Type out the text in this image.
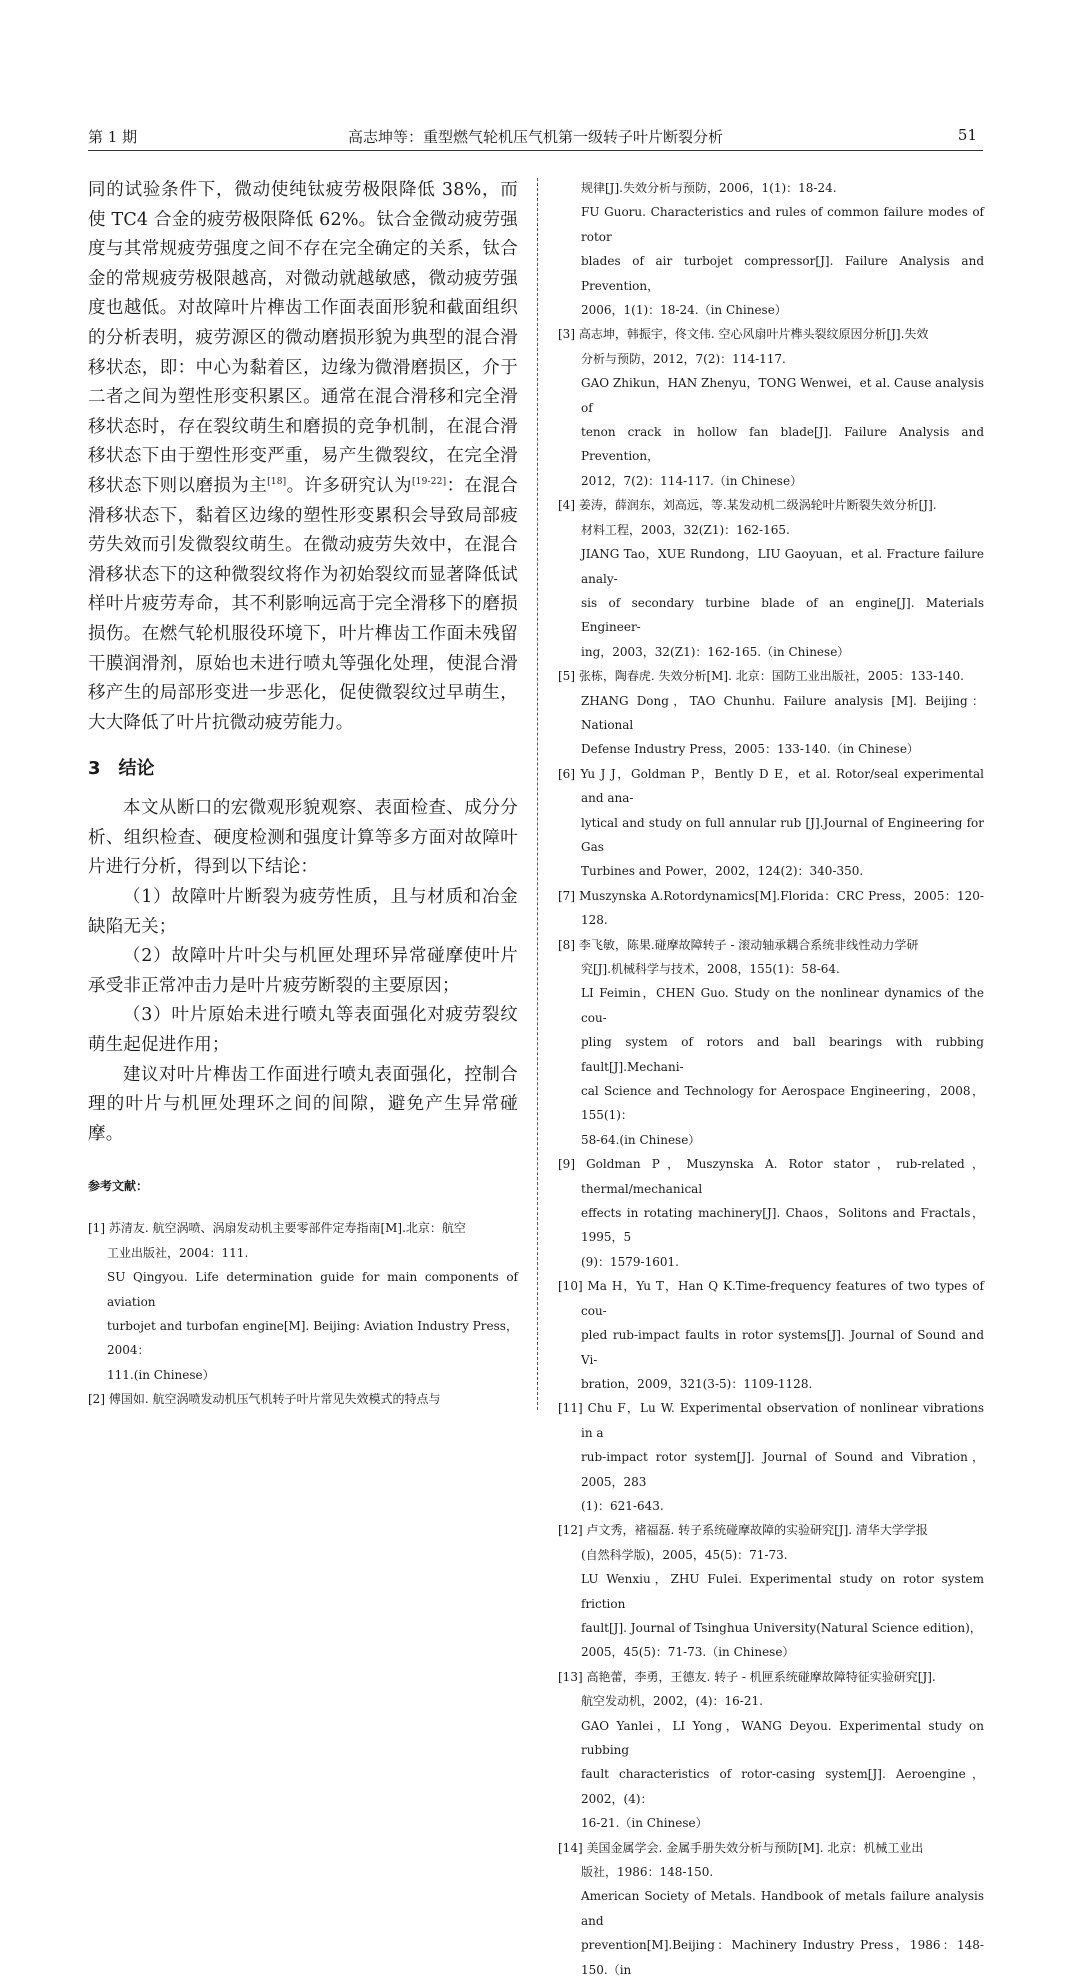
第 1 期	高志坤等：重型燃气轮机压气机第一级转子叶片断裂分析	51

同的试验条件下，微动使纯钛疲劳极限降低 38%，而使 TC4 合金的疲劳极限降低 62%。钛合金微动疲劳强度与其常规疲劳强度之间不存在完全确定的关系，钛合金的常规疲劳极限越高，对微动就越敏感，微动疲劳强度也越低。对故障叶片榫齿工作面表面形貌和截面组织的分析表明，疲劳源区的微动磨损形貌为典型的混合滑移状态，即：中心为黏着区，边缘为微滑磨损区，介于二者之间为塑性形变积累区。通常在混合滑移和完全滑移状态时，存在裂纹萌生和磨损的竞争机制，在混合滑移状态下由于塑性形变严重，易产生微裂纹，在完全滑移状态下则以磨损为主[18]。许多研究认为[19-22]：在混合滑移状态下，黏着区边缘的塑性形变累积会导致局部疲劳失效而引发微裂纹萌生。在微动疲劳失效中，在混合滑移状态下的这种微裂纹将作为初始裂纹而显著降低试样叶片疲劳寿命，其不利影响远高于完全滑移下的磨损损伤。在燃气轮机服役环境下，叶片榫齿工作面未残留干膜润滑剂，原始也未进行喷丸等强化处理，使混合滑移产生的局部形变进一步恶化，促使微裂纹过早萌生，大大降低了叶片抗微动疲劳能力。

3 结论

本文从断口的宏微观形貌观察、表面检查、成分分析、组织检查、硬度检测和强度计算等多方面对故障叶片进行分析，得到以下结论：

（1）故障叶片断裂为疲劳性质，且与材质和冶金缺陷无关；

（2）故障叶片叶尖与机匣处理环异常碰摩使叶片承受非正常冲击力是叶片疲劳断裂的主要原因；

（3）叶片原始未进行喷丸等表面强化对疲劳裂纹萌生起促进作用；

建议对叶片榫齿工作面进行喷丸表面强化，控制合理的叶片与机匣处理环之间的间隙，避免产生异常碰摩。

参考文献：

[1] 苏清友. 航空涡喷、涡扇发动机主要零部件定寿指南[M].北京：航空

工业出版社，2004：111.

SU Qingyou. Life determination guide for main components of aviation

turbojet and turbofan engine[M]. Beijing: Aviation Industry Press，2004：

111.(in Chinese）

[2] 傅国如. 航空涡喷发动机压气机转子叶片常见失效模式的特点与

规律[J].失效分析与预防，2006，1(1)：18-24.

FU Guoru. Characteristics and rules of common failure modes of rotor

blades of air turbojet compressor[J]. Failure Analysis and Prevention，

2006，1(1)：18-24.（in Chinese）

[3] 高志坤，韩振宇，佟文伟. 空心风扇叶片榫头裂纹原因分析[J].失效

分析与预防，2012，7(2)：114-117.

GAO Zhikun，HAN Zhenyu，TONG Wenwei，et al. Cause analysis of

tenon crack in hollow fan blade[J]. Failure Analysis and Prevention，

2012，7(2)：114-117.（in Chinese）

[4] 姜涛，薛润东，刘高远，等.某发动机二级涡轮叶片断裂失效分析[J].

材料工程，2003，32(Z1)：162-165.

JIANG Tao，XUE Rundong，LIU Gaoyuan，et al. Fracture failure analy-

sis of secondary turbine blade of an engine[J]. Materials Engineer-

ing，2003，32(Z1)：162-165.（in Chinese）

[5] 张栋，陶春虎. 失效分析[M]. 北京：国防工业出版社，2005：133-140.

ZHANG Dong，TAO Chunhu. Failure analysis [M]. Beijing：National

Defense Industry Press，2005：133-140.（in Chinese）

[6] Yu J J，Goldman P，Bently D E，et al. Rotor/seal experimental and ana-

lytical and study on full annular rub [J].Journal of Engineering for Gas

Turbines and Power，2002，124(2)：340-350.

[7] Muszynska A.Rotordynamics[M].Florida：CRC Press，2005：120-128.

[8] 李飞敏，陈果.碰摩故障转子 - 滚动轴承耦合系统非线性动力学研

究[J].机械科学与技术，2008，155(1)：58-64.

LI Feimin，CHEN Guo. Study on the nonlinear dynamics of the cou-

pling system of rotors and ball bearings with rubbing fault[J].Mechani-

cal Science and Technology for Aerospace Engineering，2008，155(1)：

58-64.(in Chinese）

[9] Goldman P，Muszynska A. Rotor stator，rub-related，thermal/mechanical

effects in rotating machinery[J]. Chaos，Solitons and Fractals，1995，5

(9)：1579-1601.

[10] Ma H，Yu T，Han Q K.Time-frequency features of two types of cou-

pled rub-impact faults in rotor systems[J]. Journal of Sound and Vi-

bration，2009，321(3-5)：1109-1128.

[11] Chu F，Lu W. Experimental observation of nonlinear vibrations in a

rub-impact rotor system[J]. Journal of Sound and Vibration，2005，283

(1)：621-643.

[12] 卢文秀，褚福磊. 转子系统碰摩故障的实验研究[J]. 清华大学学报

(自然科学版)，2005，45(5)：71-73.

LU Wenxiu，ZHU Fulei. Experimental study on rotor system friction

fault[J]. Journal of Tsinghua University(Natural Science edition)，

2005，45(5)：71-73.（in Chinese）

[13] 高艳蕾，李勇，王德友. 转子 - 机匣系统碰摩故障特征实验研究[J].

航空发动机，2002，(4)：16-21.

GAO Yanlei，LI Yong，WANG Deyou. Experimental study on rubbing

fault characteristics of rotor-casing system[J]. Aeroengine，2002，(4)：

16-21.（in Chinese）

[14] 美国金属学会. 金属手册失效分析与预防[M]. 北京：机械工业出

版社，1986：148-150.

American Society of Metals. Handbook of metals failure analysis and

prevention[M].Beijing：Machinery Industry Press，1986：148-150.（in
